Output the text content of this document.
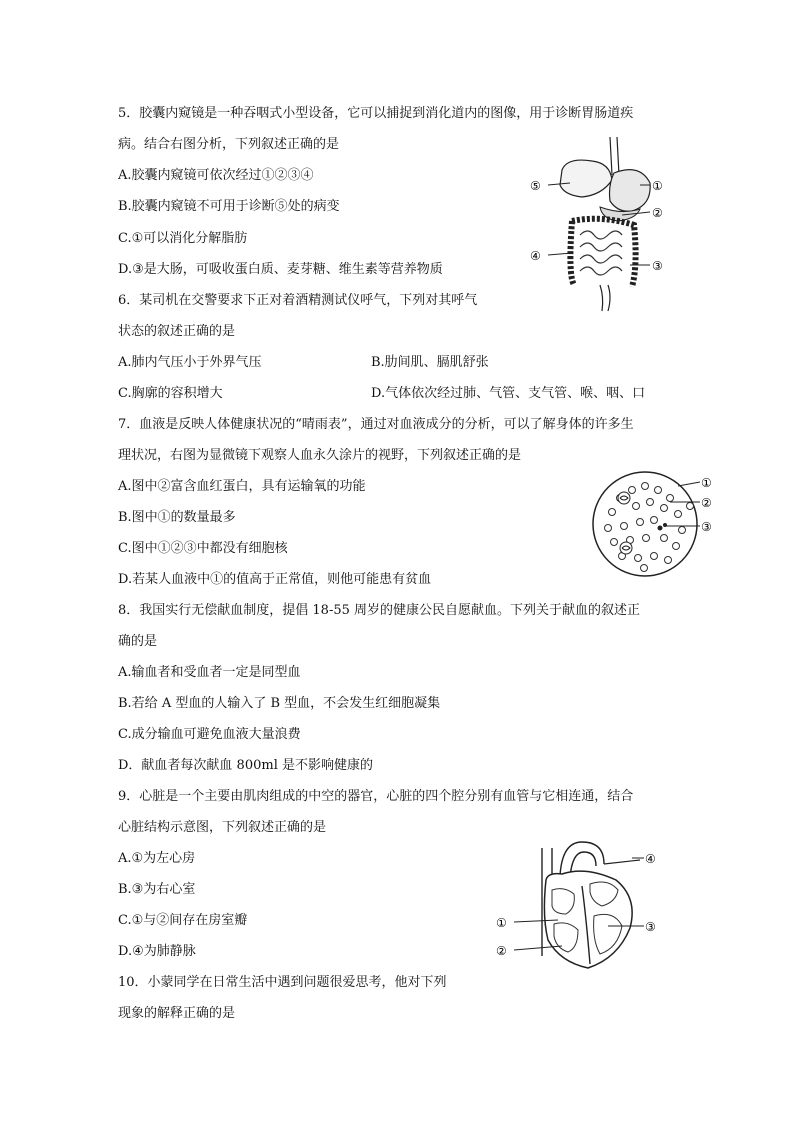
5．胶囊内窥镜是一种吞咽式小型设备，它可以捕捉到消化道内的图像，用于诊断胃肠道疾
病。结合右图分析，下列叙述正确的是
A.胶囊内窥镜可依次经过①②③④
B.胶囊内窥镜不可用于诊断⑤处的病变
C.①可以消化分解脂肪
D.③是大肠，可吸收蛋白质、麦芽糖、维生素等营养物质
⑤	①
②
④
③
6．某司机在交警要求下正对着酒精测试仪呼气，下列对其呼气
状态的叙述正确的是
A.肺内气压小于外界气压	B.肋间肌、膈肌舒张
C.胸廓的容积增大	D.气体依次经过肺、气管、支气管、喉、咽、口
7．血液是反映人体健康状况的“晴雨表”，通过对血液成分的分析，可以了解身体的许多生
理状况，右图为显微镜下观察人血永久涂片的视野，下列叙述正确的是
A.图中②富含血红蛋白，具有运输氧的功能
B.图中①的数量最多
C.图中①②③中都没有细胞核
D.若某人血液中①的值高于正常值，则他可能患有贫血
①
②
③
8．我国实行无偿献血制度，提倡 18-55 周岁的健康公民自愿献血。下列关于献血的叙述正
确的是
A.输血者和受血者一定是同型血
B.若给 A 型血的人输入了 B 型血，不会发生红细胞凝集
C.成分输血可避免血液大量浪费
D．献血者每次献血 800ml 是不影响健康的
9．心脏是一个主要由肌肉组成的中空的器官，心脏的四个腔分别有血管与它相连通，结合
心脏结构示意图，下列叙述正确的是
A.①为左心房
B.③为右心室
C.①与②间存在房室瓣
D.④为肺静脉
④
①	③
②
10．小蒙同学在日常生活中遇到问题很爱思考，他对下列
现象的解释正确的是
